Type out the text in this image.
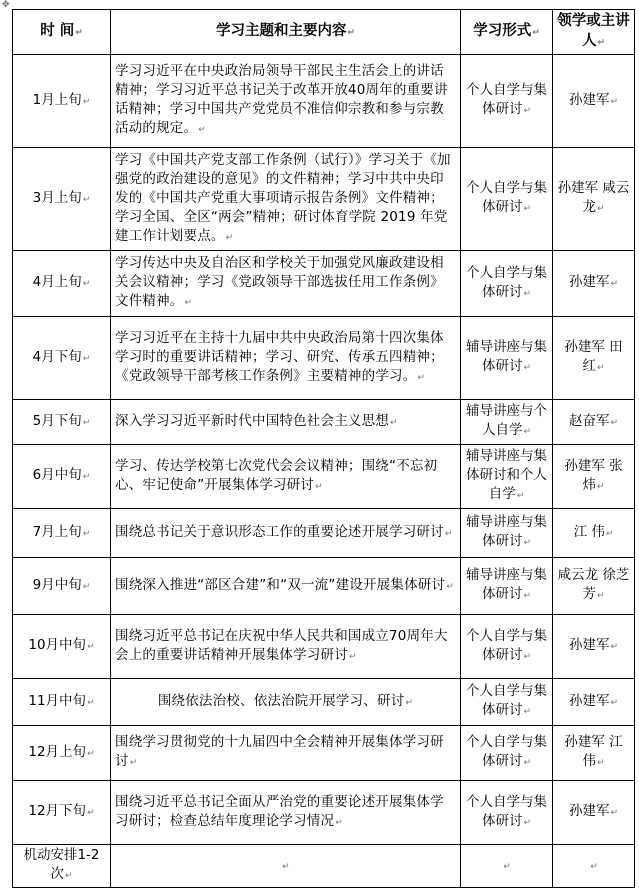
✥
时 间↵	学习主题和主要内容↵	学习形式↵	领学或主讲人↵
1月上旬↵	学习习近平在中央政治局领导干部民主生活会上的讲话精神；学习习近平总书记关于改革开放40周年的重要讲话精神；学习中国共产党党员不准信仰宗教和参与宗教活动的规定。↵	个人自学与集体研讨↵	孙建军↵
3月上旬↵	学习《中国共产党支部工作条例（试行）》学习关于《加强党的政治建设的意见》的文件精神；学习中共中央印发的《中国共产党重大事项请示报告条例》文件精神；学习全国、全区“两会”精神；研讨体育学院 2019 年党建工作计划要点。↵	个人自学与集体研讨↵	孙建军 咸云龙↵
4月上旬↵	学习传达中央及自治区和学校关于加强党风廉政建设相关会议精神；学习《党政领导干部选拔任用工作条例》文件精神。↵	个人自学与集体研讨↵	孙建军↵
4月下旬↵	学习习近平在主持十九届中共中央政治局第十四次集体学习时的重要讲话精神；学习、研究、传承五四精神；《党政领导干部考核工作条例》主要精神的学习。↵	辅导讲座与集体研讨↵	孙建军 田 红↵
5月下旬↵	深入学习习近平新时代中国特色社会主义思想↵	辅导讲座与个人自学↵	赵奋军↵
6月中旬↵	学习、传达学校第七次党代会会议精神；围绕“不忘初心、牢记使命”开展集体学习研讨↵	辅导讲座与集体研讨和个人自学↵	孙建军 张 炜↵
7月上旬↵	围绕总书记关于意识形态工作的重要论述开展学习研讨↵	辅导讲座与集体研讨↵	江 伟↵
9月中旬↵	围绕深入推进“部区合建”和“双一流”建设开展集体研讨↵	辅导讲座与集体研讨↵	咸云龙 徐芝芳↵
10月中旬↵	围绕习近平总书记在庆祝中华人民共和国成立70周年大会上的重要讲话精神开展集体学习研讨↵	个人自学与集体研讨↵	孙建军↵
11月中旬↵	围绕依法治校、依法治院开展学习、研讨↵	个人自学与集体研讨↵	孙建军↵
12月上旬↵	围绕学习贯彻党的十九届四中全会精神开展集体学习研讨↵	个人自学与集体研讨↵	孙建军 江 伟↵
12月下旬↵	围绕习近平总书记全面从严治党的重要论述开展集体学习研讨；检查总结年度理论学习情况↵	个人自学与集体研讨↵	孙建军↵
机动安排1-2次↵	↵	↵	↵
